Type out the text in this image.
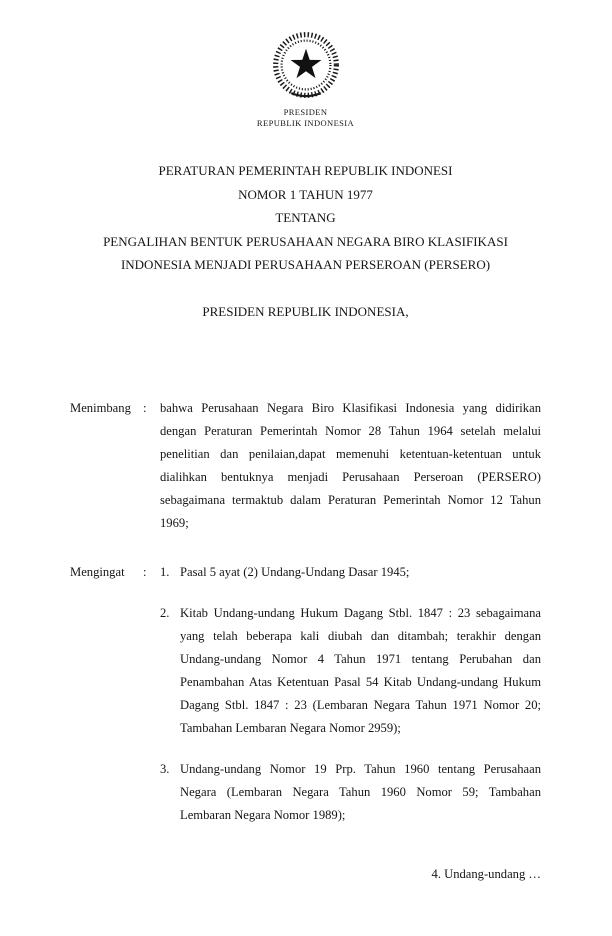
PRESIDEN
REPUBLIK INDONESIA
PERATURAN PEMERINTAH REPUBLIK INDONESI
NOMOR 1 TAHUN 1977
TENTANG
PENGALIHAN BENTUK PERUSAHAAN NEGARA BIRO KLASIFIKASI
INDONESIA MENJADI PERUSAHAAN PERSEROAN (PERSERO)

PRESIDEN REPUBLIK INDONESIA,

Menimbang :	bahwa Perusahaan Negara Biro Klasifikasi Indonesia yang didirikan dengan Peraturan Pemerintah Nomor 28 Tahun 1964 setelah melalui penelitian dan penilaian,dapat memenuhi ketentuan-ketentuan untuk dialihkan bentuknya menjadi Perusahaan Perseroan (PERSERO) sebagaimana termaktub dalam Peraturan Pemerintah Nomor 12 Tahun 1969;

Mengingat	:	1. Pasal 5 ayat (2) Undang-Undang Dasar 1945;

2. Kitab Undang-undang Hukum Dagang Stbl. 1847 : 23 sebagaimana yang telah beberapa kali diubah dan ditambah; terakhir dengan Undang-undang Nomor 4 Tahun 1971 tentang Perubahan dan Penambahan Atas Ketentuan Pasal 54 Kitab Undang-undang Hukum Dagang Stbl. 1847 : 23 (Lembaran Negara Tahun 1971 Nomor 20; Tambahan Lembaran Negara Nomor 2959);

3. Undang-undang Nomor 19 Prp. Tahun 1960 tentang Perusahaan Negara (Lembaran Negara Tahun 1960 Nomor 59; Tambahan Lembaran Negara Nomor 1989);

4. Undang-undang …
